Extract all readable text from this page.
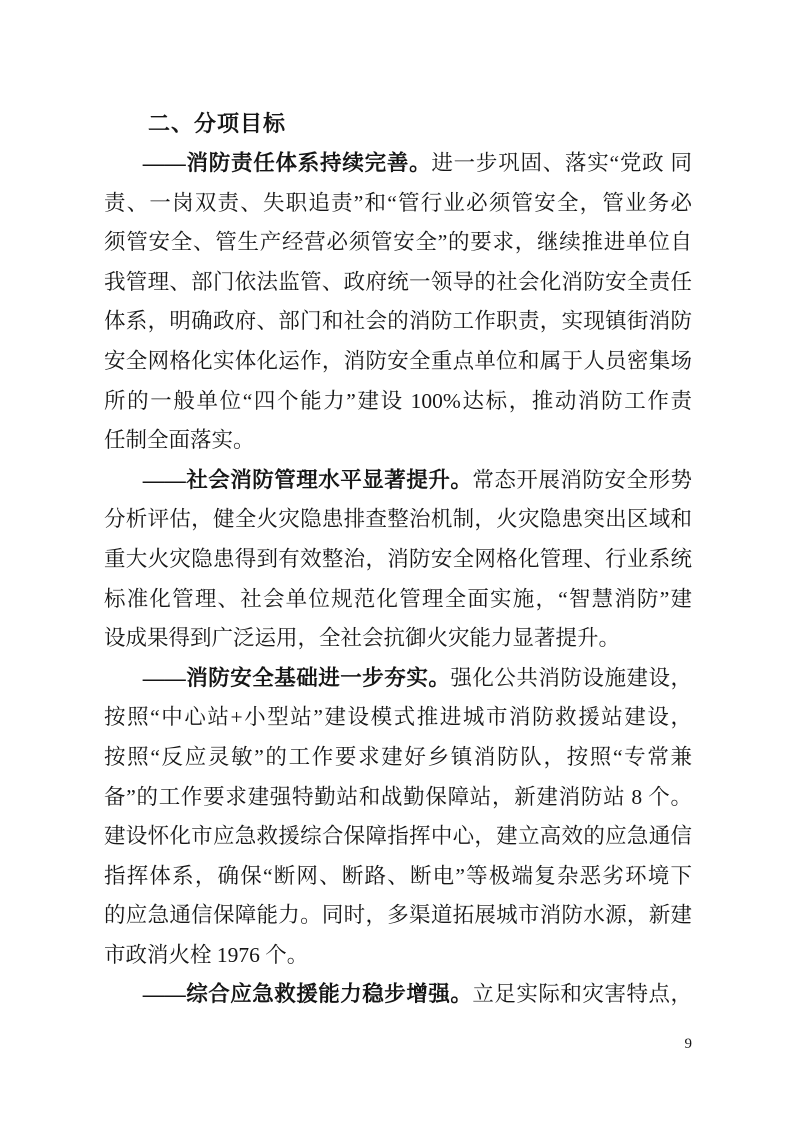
二、分项目标
——消防责任体系持续完善。进一步巩固、落实“党政 同
责、一岗双责、失职追责”和“管行业必须管安全，管业务必
须管安全、管生产经营必须管安全”的要求，继续推进单位自
我管理、部门依法监管、政府统一领导的社会化消防安全责任
体系，明确政府、部门和社会的消防工作职责，实现镇街消防
安全网格化实体化运作，消防安全重点单位和属于人员密集场
所的一般单位“四个能力”建设 100%达标，推动消防工作责
任制全面落实。
——社会消防管理水平显著提升。常态开展消防安全形势
分析评估，健全火灾隐患排查整治机制，火灾隐患突出区域和
重大火灾隐患得到有效整治，消防安全网格化管理、行业系统
标准化管理、社会单位规范化管理全面实施，“智慧消防”建
设成果得到广泛运用，全社会抗御火灾能力显著提升。
——消防安全基础进一步夯实。强化公共消防设施建设，
按照“中心站+小型站”建设模式推进城市消防救援站建设，
按照“反应灵敏”的工作要求建好乡镇消防队，按照“专常兼
备”的工作要求建强特勤站和战勤保障站，新建消防站 8 个。
建设怀化市应急救援综合保障指挥中心，建立高效的应急通信
指挥体系，确保“断网、断路、断电”等极端复杂恶劣环境下
的应急通信保障能力。同时，多渠道拓展城市消防水源，新建
市政消火栓 1976 个。
——综合应急救援能力稳步增强。立足实际和灾害特点，
9
